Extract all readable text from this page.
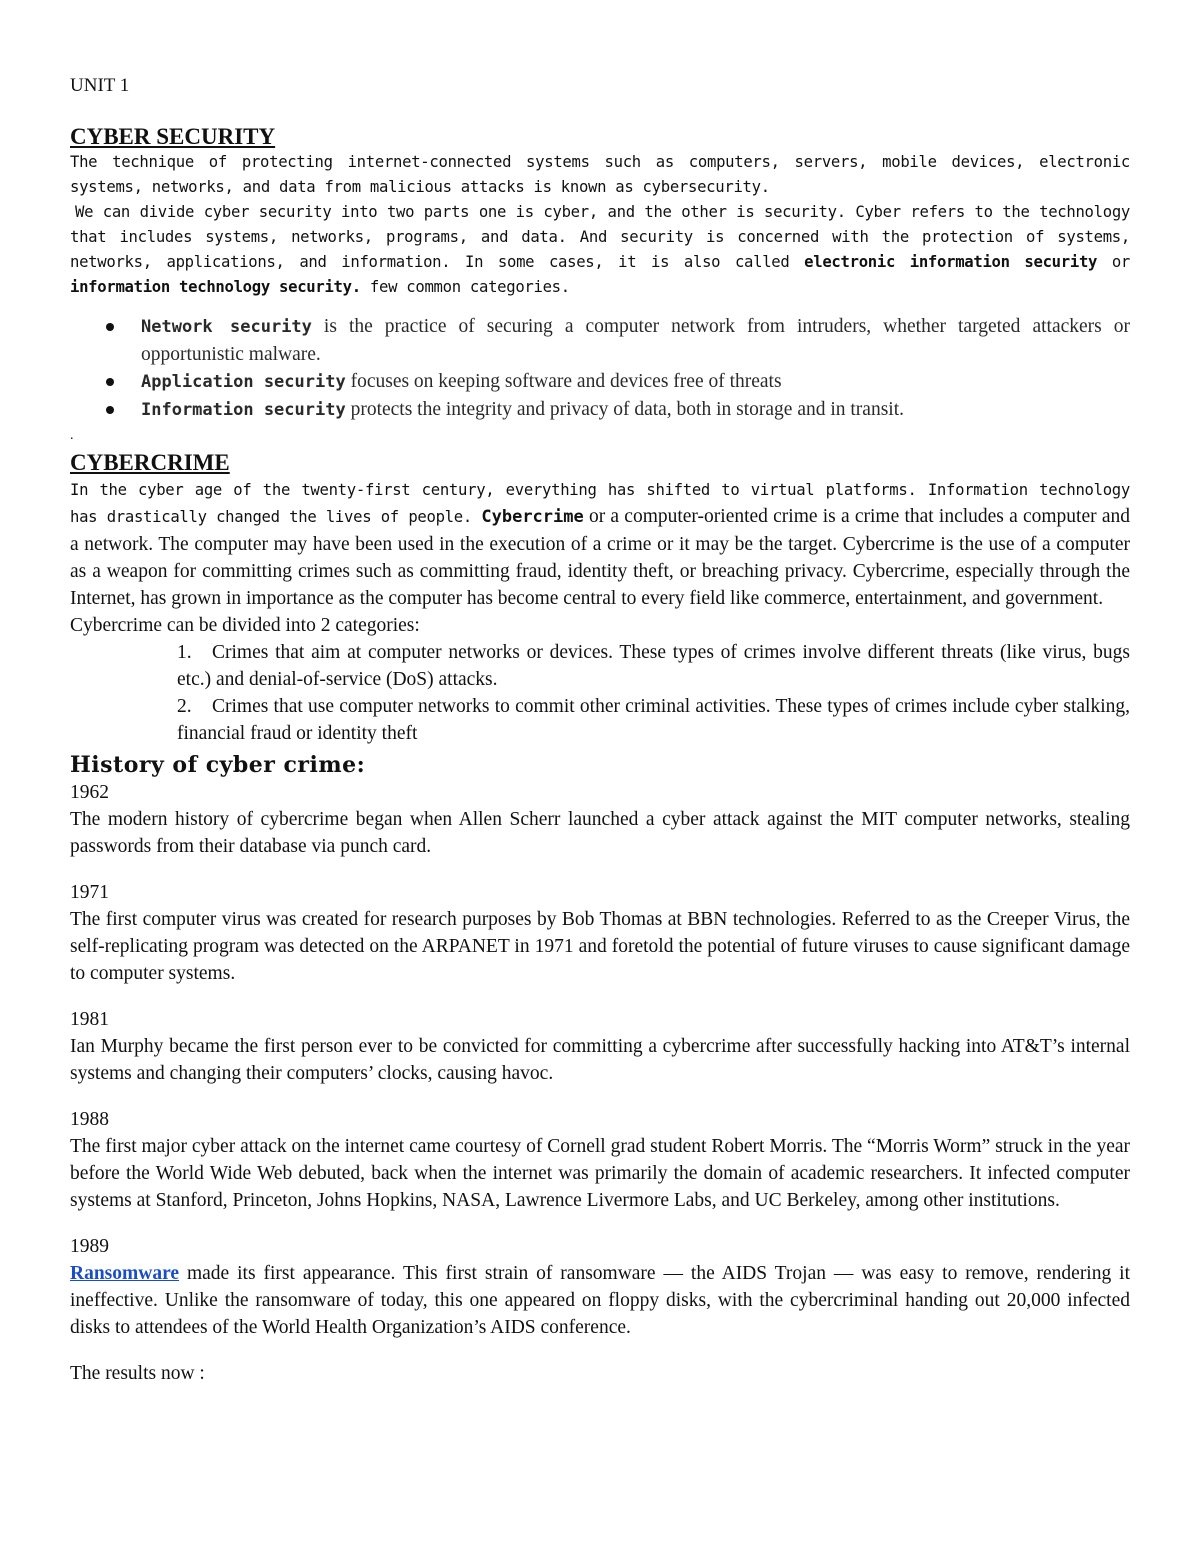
UNIT 1

CYBER SECURITY

The technique of protecting internet-connected systems such as computers, servers, mobile devices, electronic systems, networks, and data from malicious attacks is known as cybersecurity.

We can divide cyber security into two parts one is cyber, and the other is security. Cyber refers to the technology that includes systems, networks, programs, and data. And security is concerned with the protection of systems, networks, applications, and information. In some cases, it is also called electronic information security or information technology security. few common categories.

Network security is the practice of securing a computer network from intruders, whether targeted attackers or opportunistic malware.
Application security focuses on keeping software and devices free of threats
Information security protects the integrity and privacy of data, both in storage and in transit.

.

CYBERCRIME

In the cyber age of the twenty-first century, everything has shifted to virtual platforms. Information technology has drastically changed the lives of people. Cybercrime or a computer-oriented crime is a crime that includes a computer and a network. The computer may have been used in the execution of a crime or it may be the target. Cybercrime is the use of a computer as a weapon for committing crimes such as committing fraud, identity theft, or breaching privacy. Cybercrime, especially through the Internet, has grown in importance as the computer has become central to every field like commerce, entertainment, and government.

Cybercrime can be divided into 2 categories:

1.	Crimes that aim at computer networks or devices. These types of crimes involve different threats (like virus, bugs etc.) and denial-of-service (DoS) attacks.
2.	Crimes that use computer networks to commit other criminal activities. These types of crimes include cyber stalking, financial fraud or identity theft
History of cyber crime:

1962

The modern history of cybercrime began when Allen Scherr launched a cyber attack against the MIT computer networks, stealing passwords from their database via punch card.

1971

The first computer virus was created for research purposes by Bob Thomas at BBN technologies. Referred to as the Creeper Virus, the self-replicating program was detected on the ARPANET in 1971 and foretold the potential of future viruses to cause significant damage to computer systems.

1981

Ian Murphy became the first person ever to be convicted for committing a cybercrime after successfully hacking into AT&T’s internal systems and changing their computers’ clocks, causing havoc.

1988

The first major cyber attack on the internet came courtesy of Cornell grad student Robert Morris. The “Morris Worm” struck in the year before the World Wide Web debuted, back when the internet was primarily the domain of academic researchers. It infected computer systems at Stanford, Princeton, Johns Hopkins, NASA, Lawrence Livermore Labs, and UC Berkeley, among other institutions.

1989

Ransomware made its first appearance. This first strain of ransomware — the AIDS Trojan — was easy to remove, rendering it ineffective. Unlike the ransomware of today, this one appeared on floppy disks, with the cybercriminal handing out 20,000 infected disks to attendees of the World Health Organization’s AIDS conference.

The results now :
